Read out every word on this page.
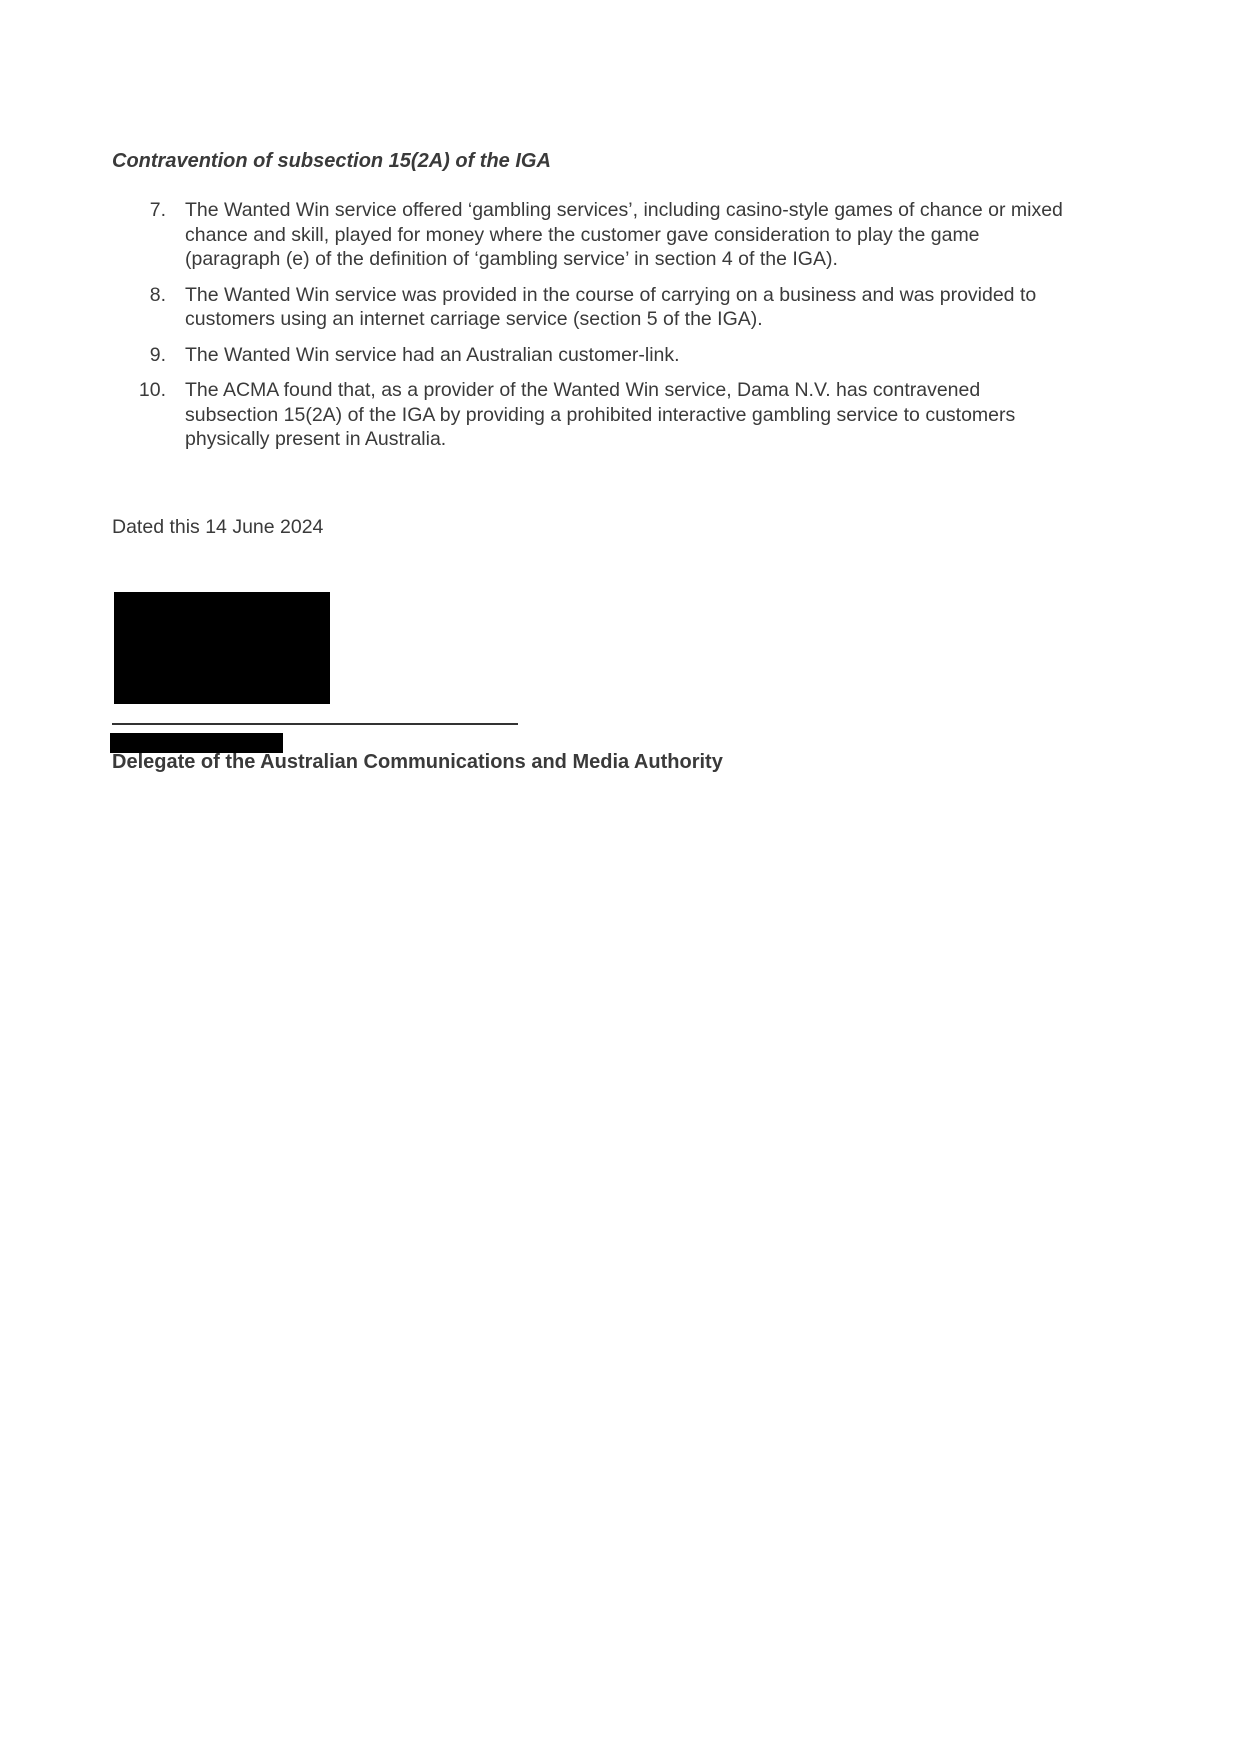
Contravention of subsection 15(2A) of the IGA
7. The Wanted Win service offered ‘gambling services’, including casino-style games of chance or mixed
chance and skill, played for money where the customer gave consideration to play the game
(paragraph (e) of the definition of ‘gambling service’ in section 4 of the IGA).
8. The Wanted Win service was provided in the course of carrying on a business and was provided to
customers using an internet carriage service (section 5 of the IGA).
9. The Wanted Win service had an Australian customer-link.
10. The ACMA found that, as a provider of the Wanted Win service, Dama N.V. has contravened
subsection 15(2A) of the IGA by providing a prohibited interactive gambling service to customers
physically present in Australia.
Dated this 14 June 2024
Delegate of the Australian Communications and Media Authority
